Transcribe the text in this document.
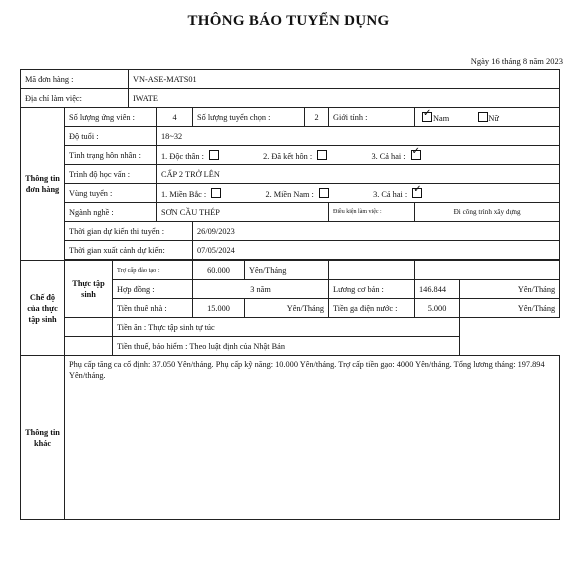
THÔNG BÁO TUYỂN DỤNG
Ngày 16 tháng 8 năm 2023
Mã đơn hàng :			VN-ASE-MATS01							
Địa chỉ làm việc:			IWATE							
Thông tin đơn hàng	Số lượng ứng viên :			4	Số lượng tuyển chọn :		2	Giới tính :	✓ Nam Nữ	
	Độ tuổi :			18~32						
	Tình trạng hôn nhân :			1. Độc thân : 2. Đã kết hôn : 3. Cả hai : ✓						

	Trình độ học vấn :			CẤP 2 TRỞ LÊN						
	Vùng tuyển :			1. Miền Bắc : 2. Miền Nam : 3. Cả hai : ✓						

	Ngành nghề :			SƠN CẦU THÉP				Điều kiện làm việc :	Đi công trình xây dựng	
	Thời gian dự kiến thi tuyển :				26/09/2023					
	Thời gian xuất cảnh dự kiến:				07/05/2024					

Chế độ của thực tập sinh	Thực tập sinh	Trợ cấp đào tạo :			60.000	Yên/Tháng				
		Hợp đồng :			3 năm			Lương cơ bản :	146.844	Yên/Tháng
		Tiền thuê nhà :			15.000	Yên/Tháng		Tiền ga điện nước :	5.000	Yên/Tháng
		Tiền ăn : Thực tập sinh tự túc								
		Tiền thuế, bảo hiểm : Theo luật định của Nhật Bản								
Thông tin khác	Phụ cấp tăng ca cố định: 37.050 Yên/tháng. Phụ cấp kỹ năng: 10.000 Yên/tháng. Trợ cấp tiền gạo: 4000 Yên/tháng. Tổng lương tháng: 197.894 Yên/tháng.									
